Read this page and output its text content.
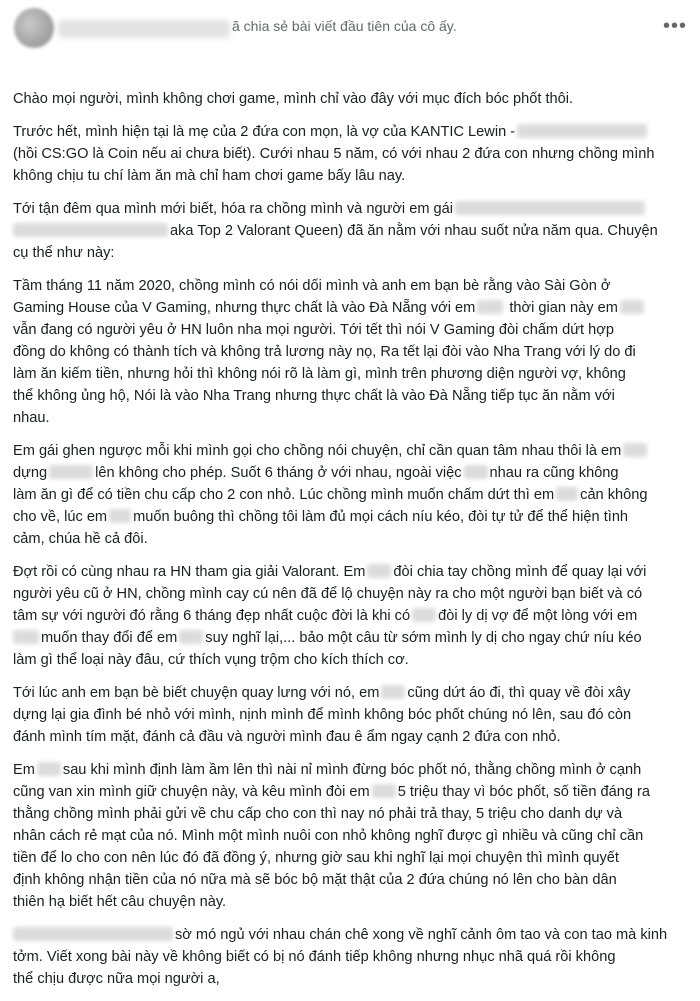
ã chia sẻ bài viết đầu tiên của cô ấy.	•••

Chào mọi người, mình không chơi game, mình chỉ vào đây với mục đích bóc phốt thôi.

Trước hết, mình hiện tại là mẹ của 2 đứa con mọn, là vợ của KANTIC Lewin -
(hồi CS:GO là Coin nếu ai chưa biết). Cưới nhau 5 năm, có với nhau 2 đứa con nhưng chồng mình
không chịu tu chí làm ăn mà chỉ ham chơi game bấy lâu nay.

Tới tận đêm qua mình mới biết, hóa ra chồng mình và người em gái
aka Top 2 Valorant Queen) đã ăn nằm với nhau suốt nửa năm qua. Chuyện
cụ thể như này:

Tầm tháng 11 năm 2020, chồng mình có nói dối mình và anh em bạn bè rằng vào Sài Gòn ở
Gaming House của V Gaming, nhưng thực chất là vào Đà Nẵng với em thời gian này em
vẫn đang có người yêu ở HN luôn nha mọi người. Tới tết thì nói V Gaming đòi chấm dứt hợp
đồng do không có thành tích và không trả lương này nọ, Ra tết lại đòi vào Nha Trang với lý do đi
làm ăn kiếm tiền, nhưng hỏi thì không nói rõ là làm gì, mình trên phương diện người vợ, không
thể không ủng hộ, Nói là vào Nha Trang nhưng thực chất là vào Đà Nẵng tiếp tục ăn nằm với
nhau.

Em gái ghen ngược mỗi khi mình gọi cho chồng nói chuyện, chỉ cần quan tâm nhau thôi là em
dựng	lên không cho phép. Suốt 6 tháng ở với nhau, ngoài việc nhau ra cũng không
làm ăn gì để có tiền chu cấp cho 2 con nhỏ. Lúc chồng mình muốn chấm dứt thì em cản không
cho về, lúc em muốn buông thì chồng tôi làm đủ mọi cách níu kéo, đòi tự tử để thể hiện tình
cảm, chúa hề cả đôi.

Đợt rồi có cùng nhau ra HN tham gia giải Valorant. Em đòi chia tay chồng mình để quay lại với
người yêu cũ ở HN, chồng mình cay cú nên đã để lộ chuyện này ra cho một người bạn biết và có
tâm sự với người đó rằng 6 tháng đẹp nhất cuộc đời là khi có đòi ly dị vợ để một lòng với em
muốn thay đổi để em suy nghĩ lại,... bảo một câu từ sớm mình ly dị cho ngay chứ níu kéo
làm gì thể loại này đâu, cứ thích vụng trộm cho kích thích cơ.

Tới lúc anh em bạn bè biết chuyện quay lưng với nó, em cũng dứt áo đi, thì quay về đòi xây
dựng lại gia đình bé nhỏ với mình, nịnh mình để mình không bóc phốt chúng nó lên, sau đó còn
đánh mình tím mặt, đánh cả đầu và người mình đau ê ẩm ngay cạnh 2 đứa con nhỏ.

Em sau khi mình định làm ầm lên thì nài nỉ mình đừng bóc phốt nó, thằng chồng mình ở cạnh
cũng van xin mình giữ chuyện này, và kêu mình đòi em 5 triệu thay vì bóc phốt, số tiền đáng ra
thằng chồng mình phải gửi về chu cấp cho con thì nay nó phải trả thay, 5 triệu cho danh dự và
nhân cách rẻ mạt của nó. Mình một mình nuôi con nhỏ không nghĩ được gì nhiều và cũng chỉ cần
tiền để lo cho con nên lúc đó đã đồng ý, nhưng giờ sau khi nghĩ lại mọi chuyện thì mình quyết
định không nhận tiền của nó nữa mà sẽ bóc bộ mặt thật của 2 đứa chúng nó lên cho bàn dân
thiên hạ biết hết câu chuyện này.

sờ mó ngủ với nhau chán chê xong về nghĩ cảnh ôm tao và con tao mà kinh
tởm. Viết xong bài này về không biết có bị nó đánh tiếp không nhưng nhục nhã quá rồi không
thể chịu được nữa mọi người a,
